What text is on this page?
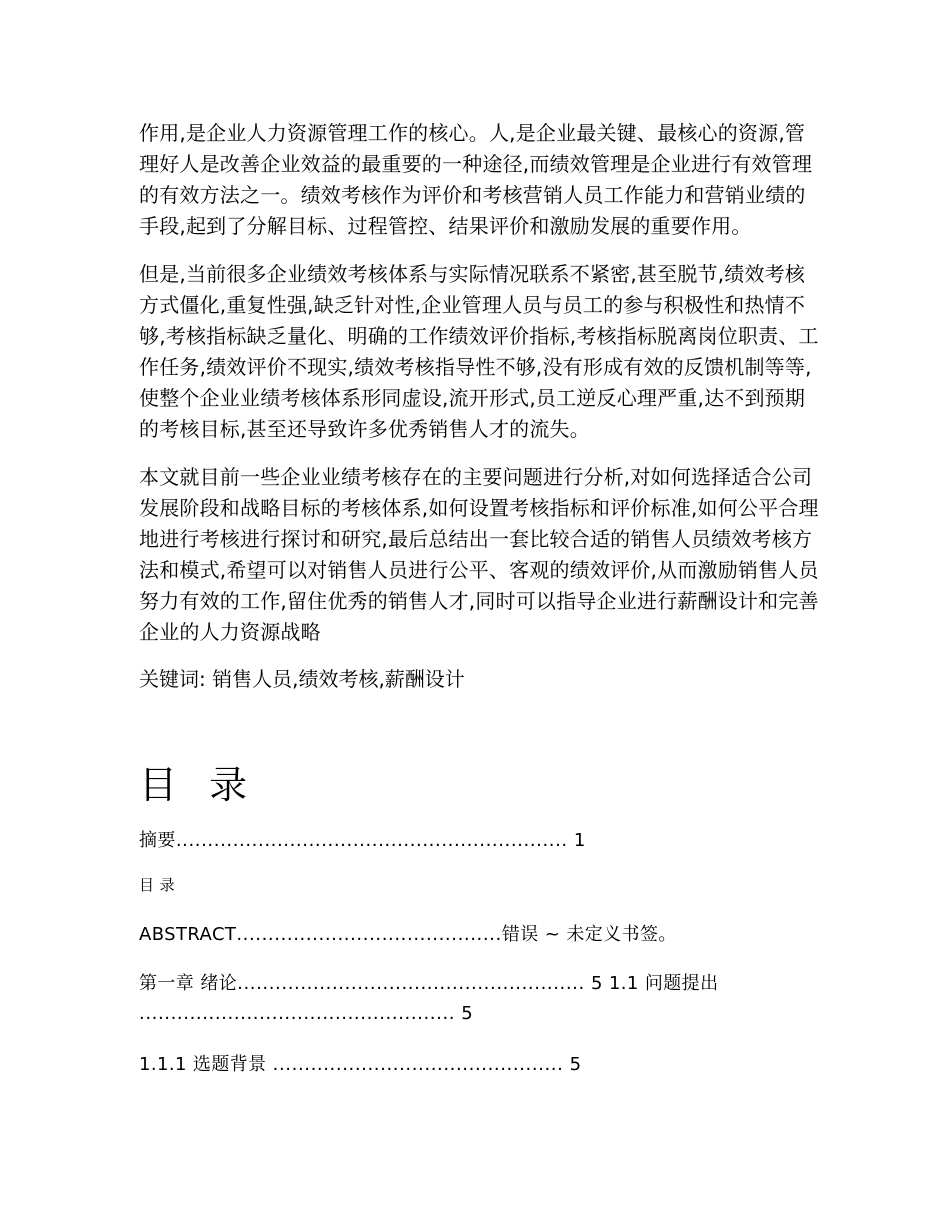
作用,是企业人力资源管理工作的核心。人,是企业最关键、最核心的资源,管理好人是改善企业效益的最重要的一种途径,而绩效管理是企业进行有效管理的有效方法之一。绩效考核作为评价和考核营销人员工作能力和营销业绩的手段,起到了分解目标、过程管控、结果评价和激励发展的重要作用。

但是,当前很多企业绩效考核体系与实际情况联系不紧密,甚至脱节,绩效考核方式僵化,重复性强,缺乏针对性,企业管理人员与员工的参与积极性和热情不够,考核指标缺乏量化、明确的工作绩效评价指标,考核指标脱离岗位职责、工作任务,绩效评价不现实,绩效考核指导性不够,没有形成有效的反馈机制等等,使整个企业业绩考核体系形同虚设,流开形式,员工逆反心理严重,达不到预期的考核目标,甚至还导致许多优秀销售人才的流失。

本文就目前一些企业业绩考核存在的主要问题进行分析,对如何选择适合公司发展阶段和战略目标的考核体系,如何设置考核指标和评价标准,如何公平合理地进行考核进行探讨和研究,最后总结出一套比较合适的销售人员绩效考核方法和模式,希望可以对销售人员进行公平、客观的绩效评价,从而激励销售人员努力有效的工作,留住优秀的销售人才,同时可以指导企业进行薪酬设计和完善企业的人力资源战略

关键词: 销售人员,绩效考核,薪酬设计

目 录
摘要.............................................................. 1
目 录
ABSTRACT..........................................错误 ~ 未定义书签。
第一章 绪论....................................................... 5 1.1 问题提出
.................................................. 5
1.1.1 选题背景 .............................................. 5
